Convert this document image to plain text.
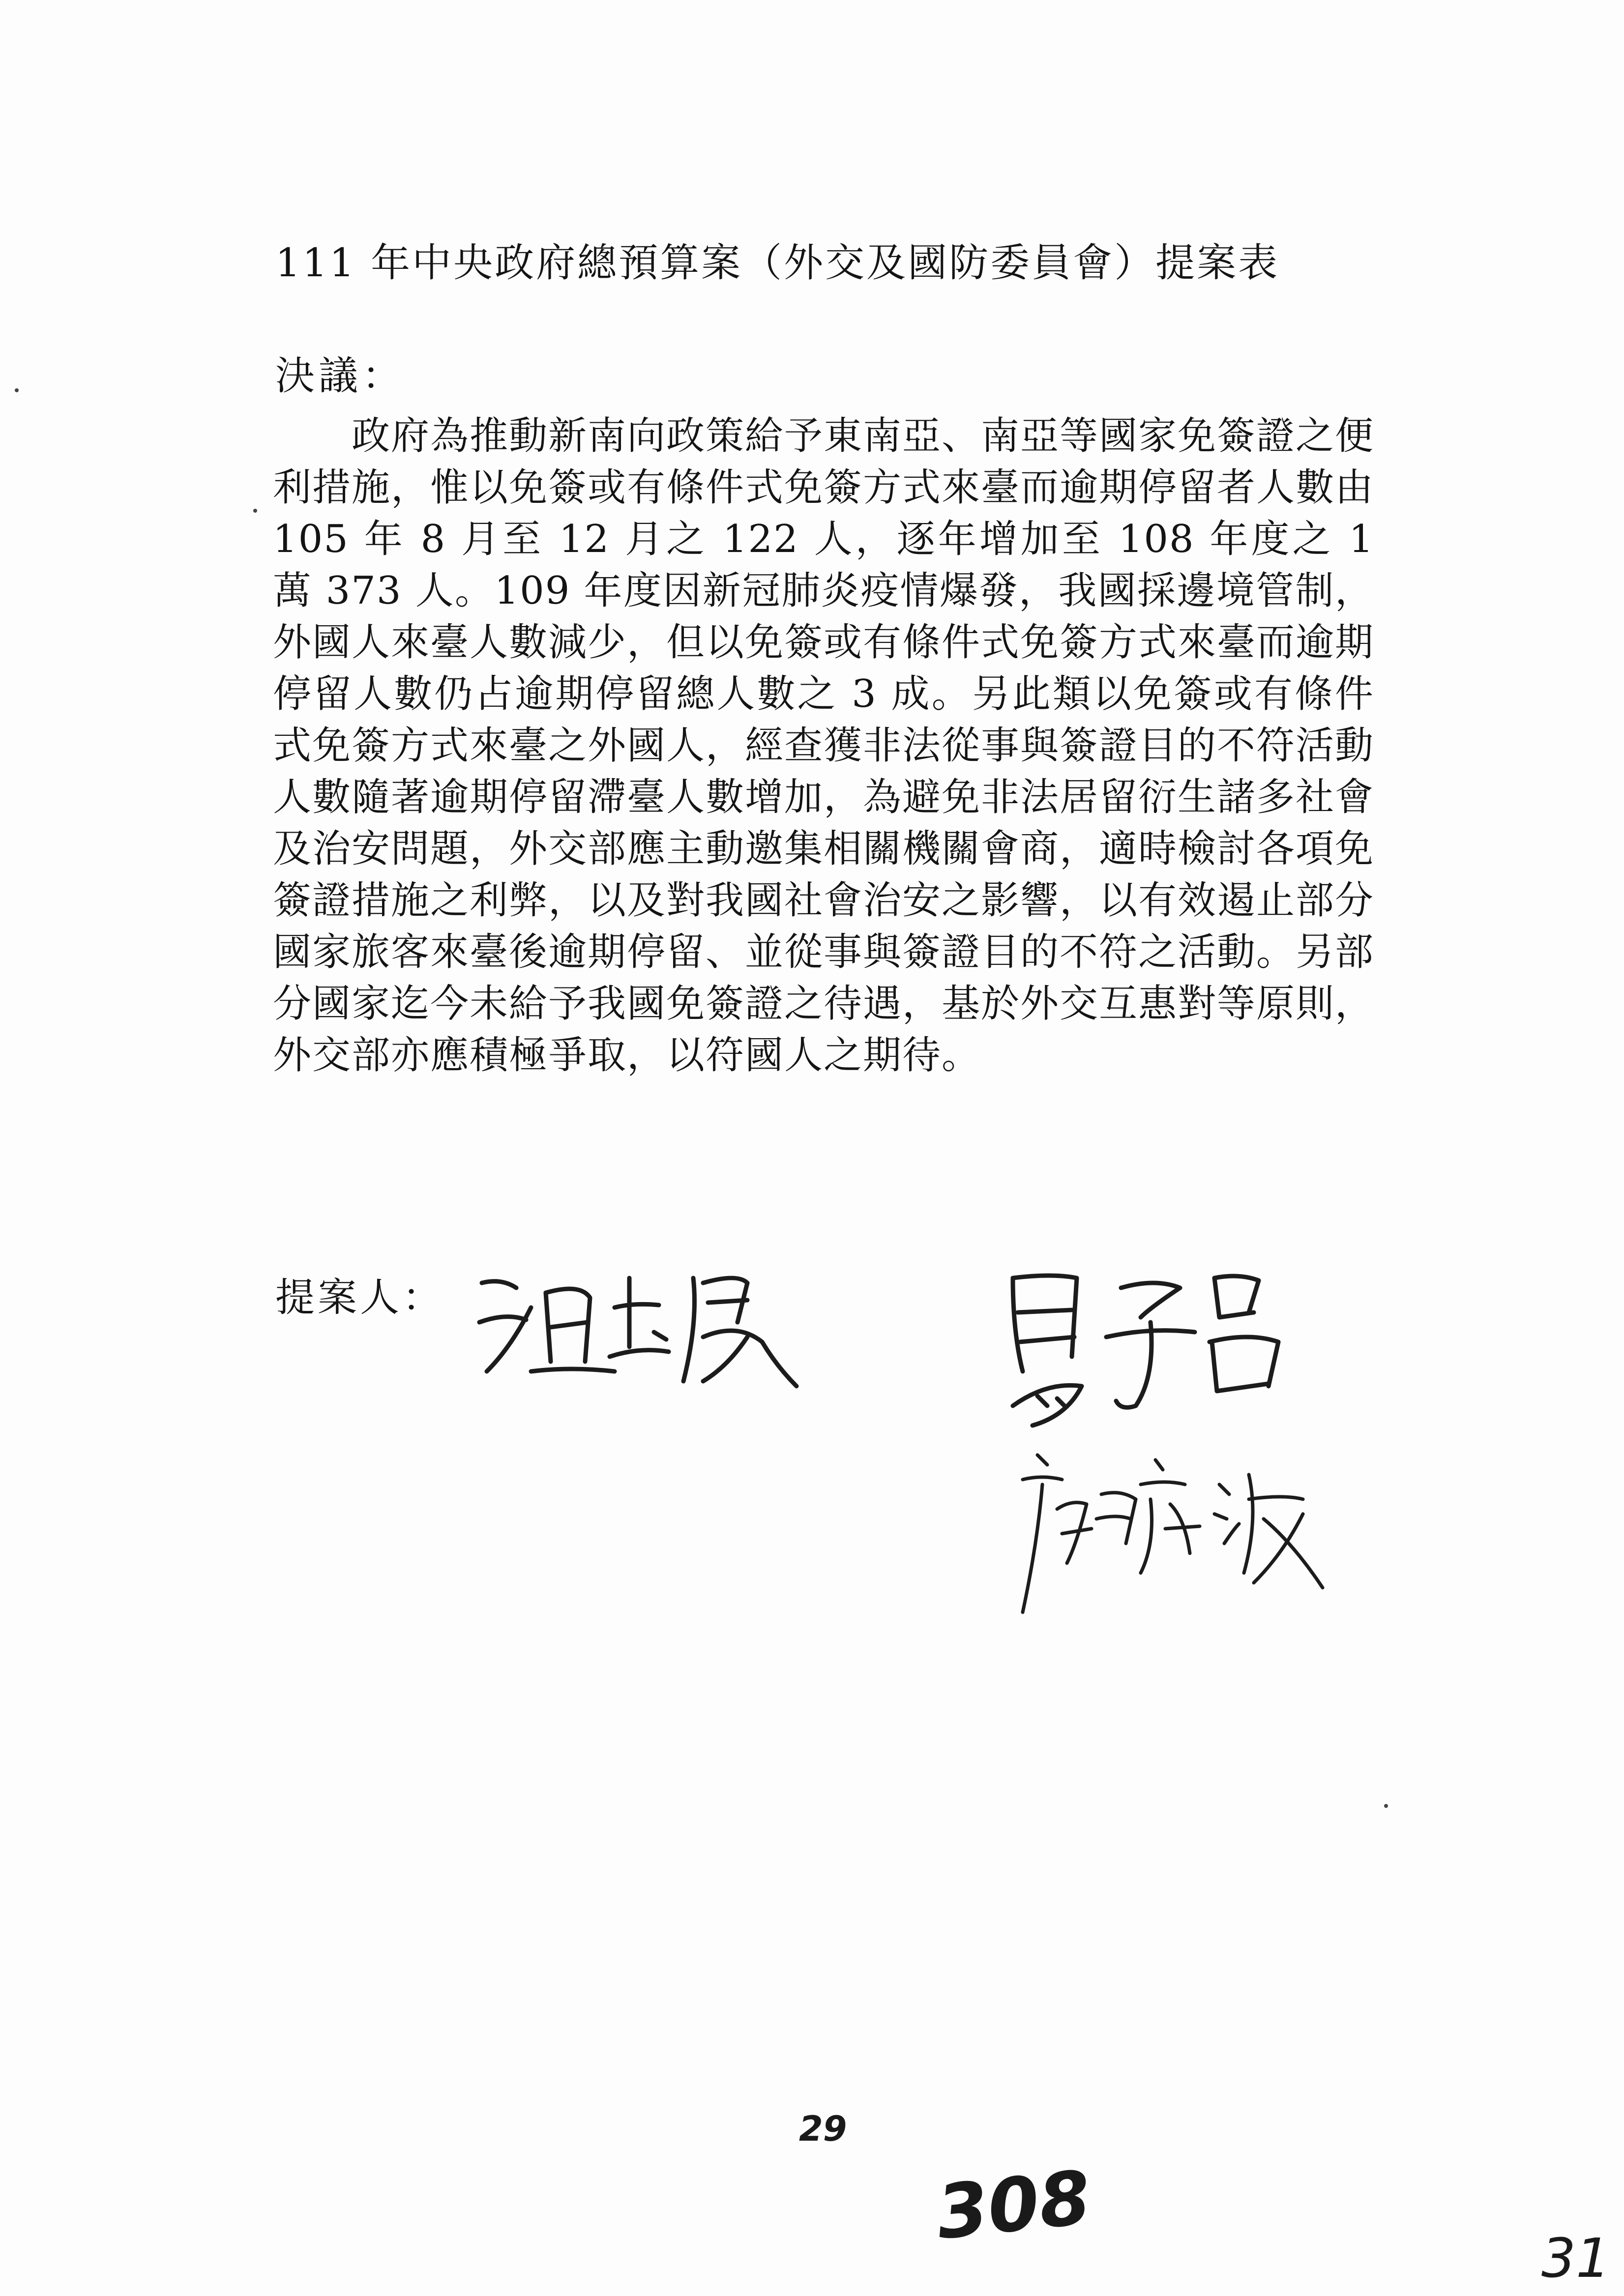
111 年中央政府總預算案（外交及國防委員會）提案表
決議：

政府為推動新南向政策給予東南亞、南亞等國家免簽證之便利措施，惟以免簽或有條件式免簽方式來臺而逾期停留者人數由 105 年 8 月至 12 月之 122 人，逐年增加至 108 年度之 1 萬 373 人。109 年度因新冠肺炎疫情爆發，我國採邊境管制，外國人來臺人數減少，但以免簽或有條件式免簽方式來臺而逾期停留人數仍占逾期停留總人數之 3 成。另此類以免簽或有條件式免簽方式來臺之外國人，經查獲非法從事與簽證目的不符活動人數隨著逾期停留滯臺人數增加，為避免非法居留衍生諸多社會及治安問題，外交部應主動邀集相關機關會商，適時檢討各項免簽證措施之利弊，以及對我國社會治安之影響，以有效遏止部分國家旅客來臺後逾期停留、並從事與簽證目的不符之活動。另部分國家迄今未給予我國免簽證之待遇，基於外交互惠對等原則，外交部亦應積極爭取，以符國人之期待。

提案人：
29
308
31
